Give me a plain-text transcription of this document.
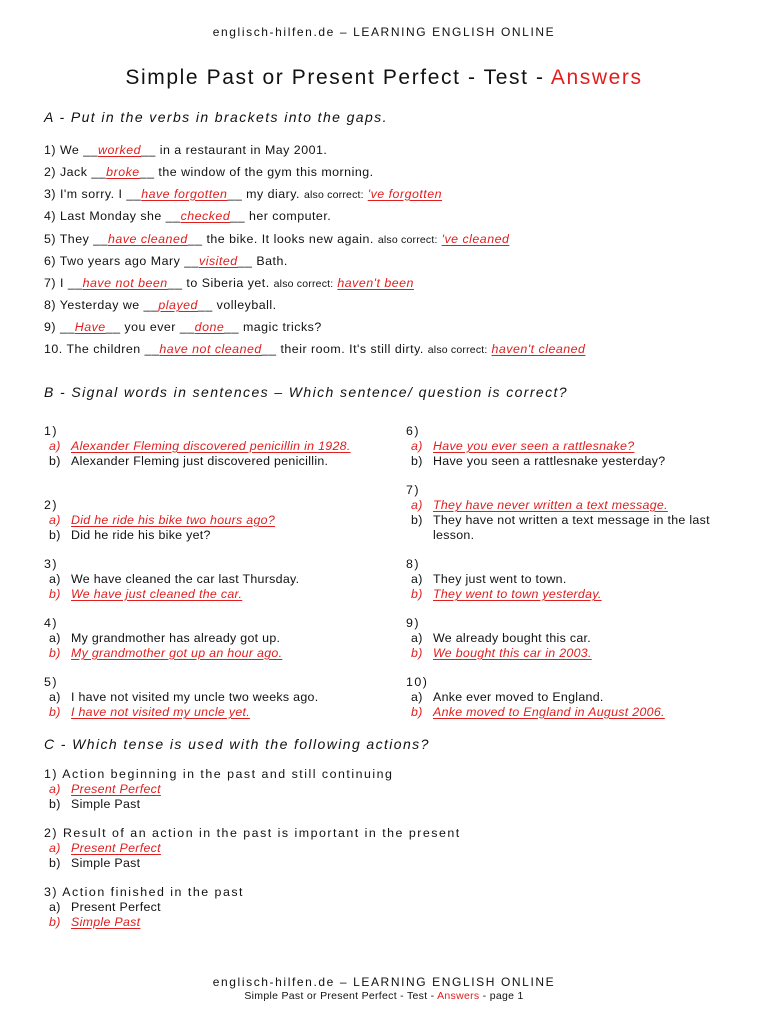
englisch-hilfen.de – LEARNING ENGLISH ONLINE
Simple Past or Present Perfect - Test - Answers
A - Put in the verbs in brackets into the gaps.
1) We __worked__ in a restaurant in May 2001.
2) Jack __broke__ the window of the gym this morning.
3) I'm sorry. I __have forgotten__ my diary. also correct: 've forgotten
4) Last Monday she __checked__ her computer.
5) They __have cleaned__ the bike. It looks new again. also correct: 've cleaned
6) Two years ago Mary __visited__ Bath.
7) I __have not been__ to Siberia yet. also correct: haven't been
8) Yesterday we __played__ volleyball.
9) __Have__ you ever __done__ magic tricks?
10. The children __have not cleaned__ their room. It's still dirty. also correct: haven't cleaned
B - Signal words in sentences – Which sentence/ question is correct?
1)
a) Alexander Fleming discovered penicillin in 1928.
b) Alexander Fleming just discovered penicillin.
2)
a) Did he ride his bike two hours ago?
b) Did he ride his bike yet?
3)
a) We have cleaned the car last Thursday.
b) We have just cleaned the car.
4)
a) My grandmother has already got up.
b) My grandmother got up an hour ago.
5)
a) I have not visited my uncle two weeks ago.
b) I have not visited my uncle yet.
6)
a) Have you ever seen a rattlesnake?
b) Have you seen a rattlesnake yesterday?
7)
a) They have never written a text message.
b) They have not written a text message in the last lesson.
8)
a) They just went to town.
b) They went to town yesterday.
9)
a) We already bought this car.
b) We bought this car in 2003.
10)
a) Anke ever moved to England.
b) Anke moved to England in August 2006.
C - Which tense is used with the following actions?
1) Action beginning in the past and still continuing
a) Present Perfect
b) Simple Past
2) Result of an action in the past is important in the present
a) Present Perfect
b) Simple Past
3) Action finished in the past
a) Present Perfect
b) Simple Past
englisch-hilfen.de – LEARNING ENGLISH ONLINE
Simple Past or Present Perfect - Test - Answers - page 1
